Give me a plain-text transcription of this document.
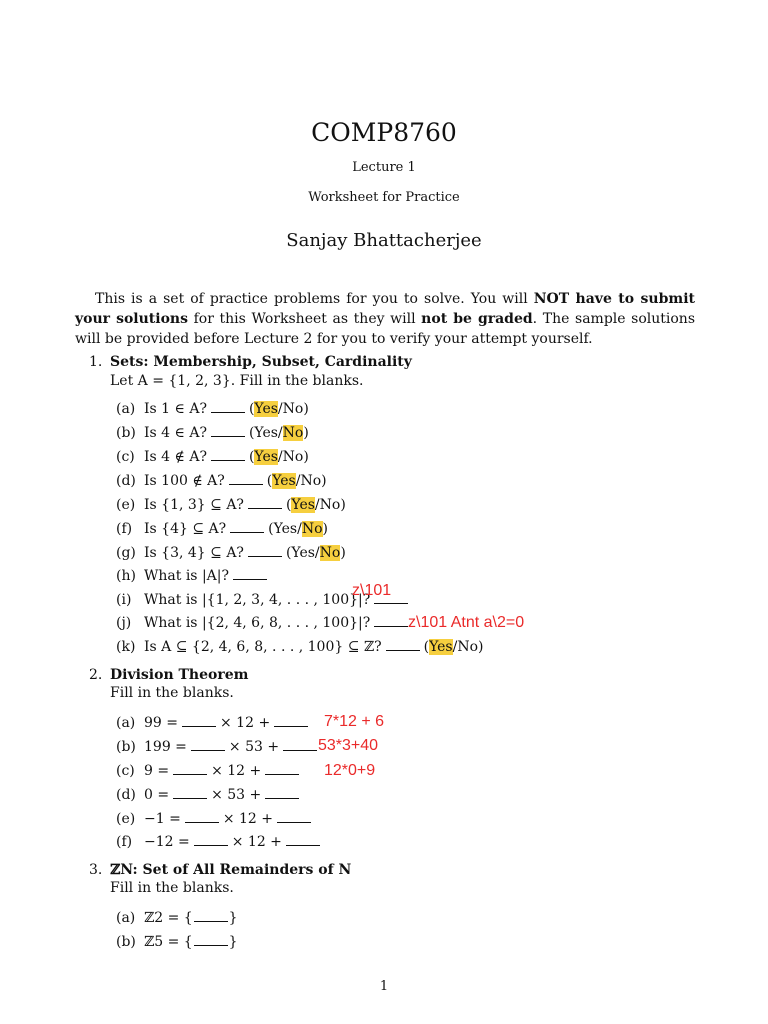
COMP8760
Lecture 1
Worksheet for Practice
Sanjay Bhattacherjee

This is a set of practice problems for you to solve. You will NOT have to submit your solutions for this Worksheet as they will not be graded. The sample solutions will be provided before Lecture 2 for you to verify your attempt yourself.

1. Sets: Membership, Subset, Cardinality
Let A = {1, 2, 3}. Fill in the blanks.
(a) Is 1 ∈ A?	(Yes/No)
(b) Is 4 ∈ A?	(Yes/No)
(c) Is 4 ∉ A?	(Yes/No)
(d) Is 100 ∉ A?	(Yes/No)
(e) Is {1, 3} ⊆ A?	(Yes/No)
(f) Is {4} ⊆ A?	(Yes/No)
(g) Is {3, 4} ⊆ A?	(Yes/No)
(h) What is |A|?
(i) What is |{1, 2, 3, 4, . . . , 100}|?
(j) What is |{2, 4, 6, 8, . . . , 100}|?
(k) Is A ⊆ {2, 4, 6, 8, . . . , 100} ⊆ ℤ?	(Yes/No)
2. Division Theorem
Fill in the blanks.
(a) 99 =	× 12 +
(b) 199 =	× 53 +
(c) 9 =	× 12 +
(d) 0 =	× 53 +
(e) −1 =	× 12 +
(f) −12 =	× 12 +
3. ℤN: Set of All Remainders of N
Fill in the blanks.
(a) ℤ2 = {	}
(b) ℤ5 = {	}
z\101
z\101 Atnt a\2=0
7*12 + 6
53*3+40
12*0+9
1
